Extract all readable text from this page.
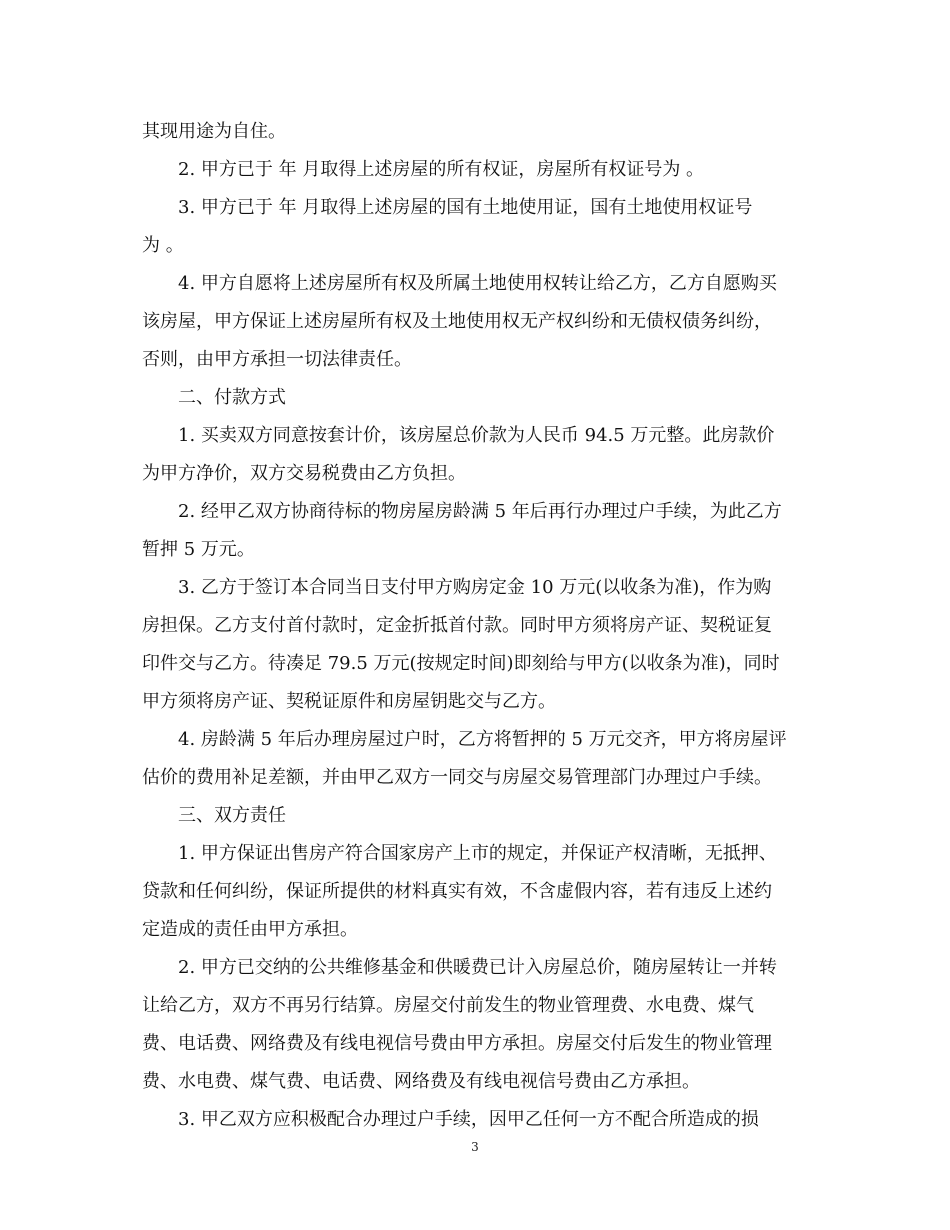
其现用途为自住。
2. 甲方已于 年 月取得上述房屋的所有权证，房屋所有权证号为 。
3. 甲方已于 年 月取得上述房屋的国有土地使用证，国有土地使用权证号
为 。
4. 甲方自愿将上述房屋所有权及所属土地使用权转让给乙方，乙方自愿购买
该房屋，甲方保证上述房屋所有权及土地使用权无产权纠纷和无债权债务纠纷，
否则，由甲方承担一切法律责任。
二、付款方式
1. 买卖双方同意按套计价，该房屋总价款为人民币 94.5 万元整。此房款价
为甲方净价，双方交易税费由乙方负担。
2. 经甲乙双方协商待标的物房屋房龄满 5 年后再行办理过户手续，为此乙方
暂押 5 万元。
3. 乙方于签订本合同当日支付甲方购房定金 10 万元(以收条为准)，作为购
房担保。乙方支付首付款时，定金折抵首付款。同时甲方须将房产证、契税证复
印件交与乙方。待凑足 79.5 万元(按规定时间)即刻给与甲方(以收条为准)，同时
甲方须将房产证、契税证原件和房屋钥匙交与乙方。
4. 房龄满 5 年后办理房屋过户时，乙方将暂押的 5 万元交齐，甲方将房屋评
估价的费用补足差额，并由甲乙双方一同交与房屋交易管理部门办理过户手续。
三、双方责任
1. 甲方保证出售房产符合国家房产上市的规定，并保证产权清晰，无抵押、
贷款和任何纠纷，保证所提供的材料真实有效，不含虚假内容，若有违反上述约
定造成的责任由甲方承担。
2. 甲方已交纳的公共维修基金和供暖费已计入房屋总价，随房屋转让一并转
让给乙方，双方不再另行结算。房屋交付前发生的物业管理费、水电费、煤气
费、电话费、网络费及有线电视信号费由甲方承担。房屋交付后发生的物业管理
费、水电费、煤气费、电话费、网络费及有线电视信号费由乙方承担。
3. 甲乙双方应积极配合办理过户手续，因甲乙任何一方不配合所造成的损
3
